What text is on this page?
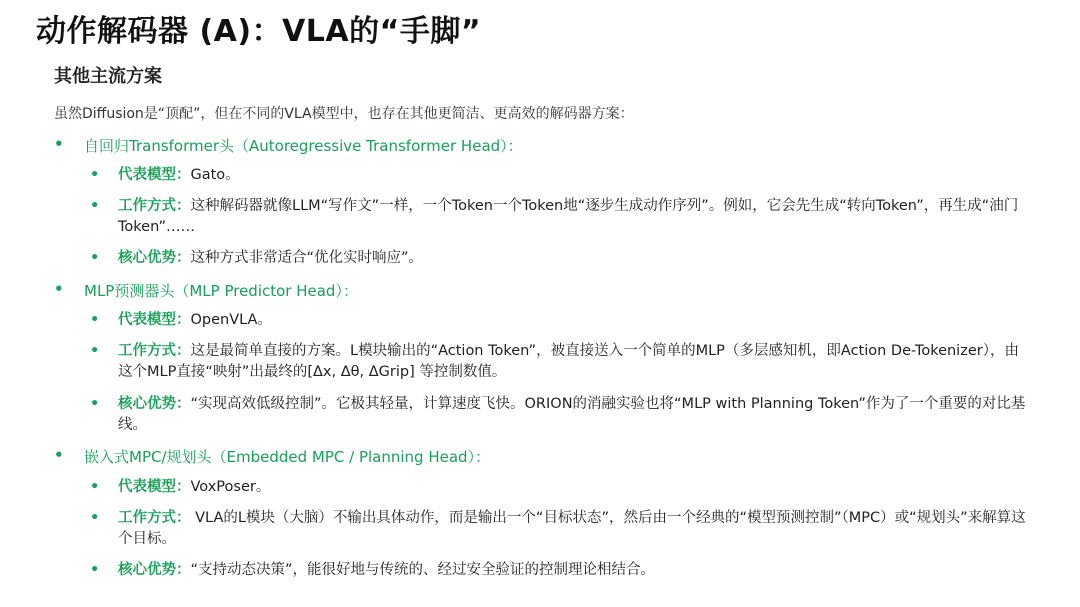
动作解码器 (A)：VLA的“手脚”
其他主流方案
虽然Diffusion是“顶配”，但在不同的VLA模型中，也存在其他更简洁、更高效的解码器方案：
• 自回归Transformer头（Autoregressive Transformer Head）：
• 代表模型：Gato。
• 工作方式：这种解码器就像LLM“写作文”一样，一个Token一个Token地“逐步生成动作序列”。例如，它会先生成“转向Token”，再生成“油门Token”……
• 核心优势：这种方式非常适合“优化实时响应”。
• MLP预测器头（MLP Predictor Head）：
• 代表模型：OpenVLA。
• 工作方式：这是最简单直接的方案。L模块输出的“Action Token”，被直接送入一个简单的MLP（多层感知机，即Action De-Tokenizer），由这个MLP直接“映射”出最终的[Δx, Δθ, ΔGrip] 等控制数值。
• 核心优势：“实现高效低级控制”。它极其轻量，计算速度飞快。ORION的消融实验也将“MLP with Planning Token”作为了一个重要的对比基线。
• 嵌入式MPC/规划头（Embedded MPC / Planning Head）：
• 代表模型：VoxPoser。
• 工作方式： VLA的L模块（大脑）不输出具体动作，而是输出一个“目标状态”，然后由一个经典的“模型预测控制”（MPC）或“规划头”来解算这个目标。
• 核心优势：“支持动态决策”，能很好地与传统的、经过安全验证的控制理论相结合。
